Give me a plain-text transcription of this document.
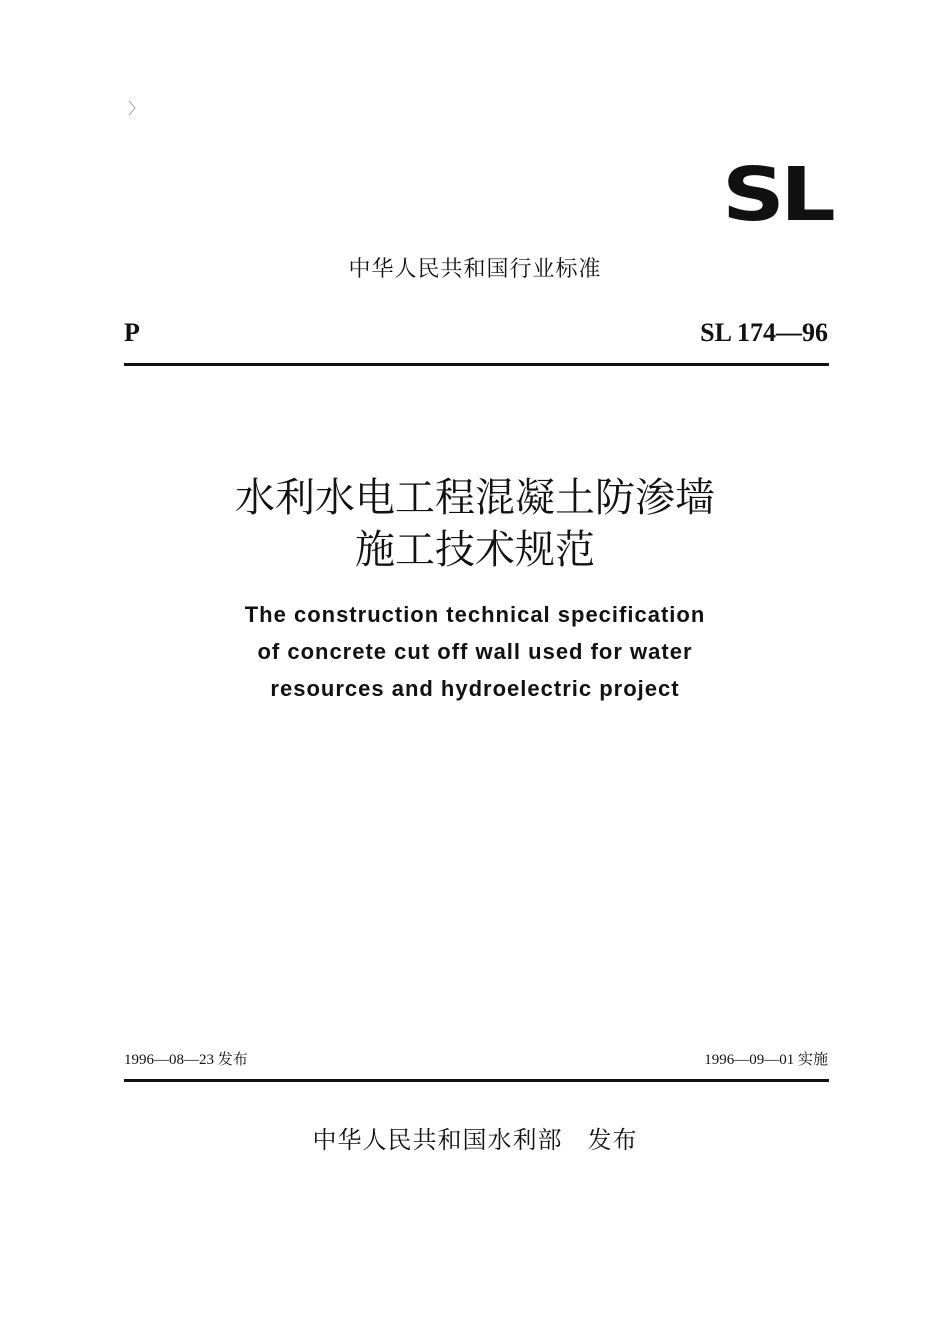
〉
SL
中华人民共和国行业标准
P	SL 174—96
水利水电工程混凝土防渗墙
施工技术规范
The construction technical specification
of concrete cut off wall used for water
resources and hydroelectric project
1996—08—23 发布	1996—09—01 实施
中华人民共和国水利部　发布
